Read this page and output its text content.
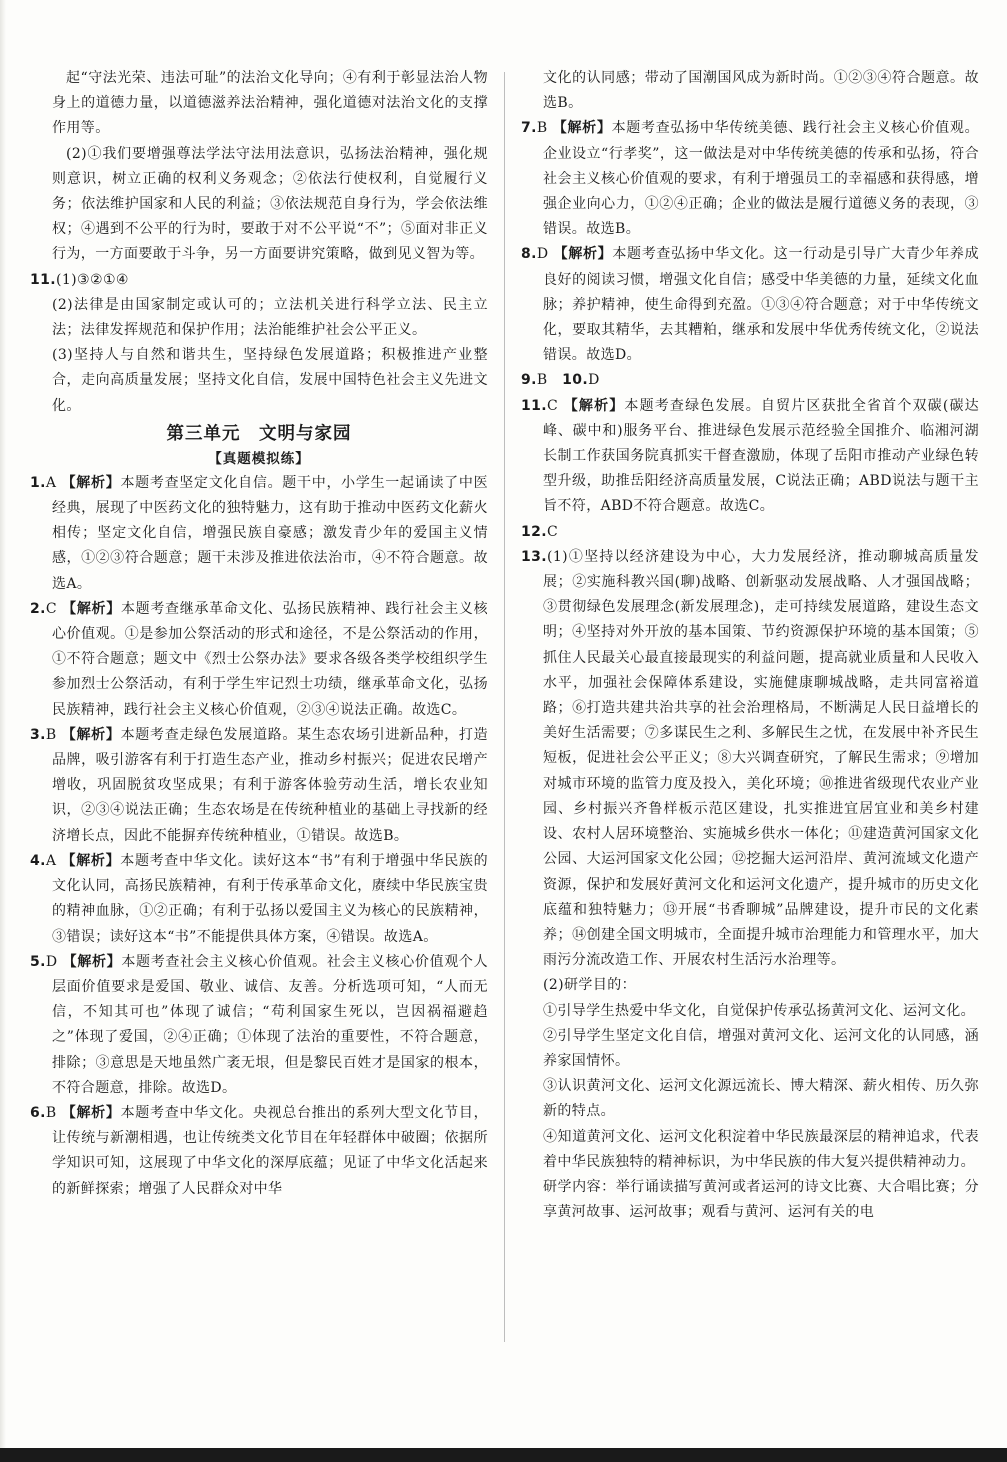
起“守法光荣、违法可耻”的法治文化导向；④有利于彰显法治人物身上的道德力量，以道德滋养法治精神，强化道德对法治文化的支撑作用等。

(2)①我们要增强尊法学法守法用法意识，弘扬法治精神，强化规则意识，树立正确的权利义务观念；②依法行使权利，自觉履行义务；依法维护国家和人民的利益；③依法规范自身行为，学会依法维权；④遇到不公平的行为时，要敢于对不公平说“不”；⑤面对非正义行为，一方面要敢于斗争，另一方面要讲究策略，做到见义智为等。

11.(1)③②①④

(2)法律是由国家制定或认可的；立法机关进行科学立法、民主立法；法律发挥规范和保护作用；法治能维护社会公平正义。

(3)坚持人与自然和谐共生，坚持绿色发展道路；积极推进产业整合，走向高质量发展；坚持文化自信，发展中国特色社会主义先进文化。

第三单元　文明与家园
【真题模拟练】

1.A 【解析】本题考查坚定文化自信。题干中，小学生一起诵读了中医经典，展现了中医药文化的独特魅力，这有助于推动中医药文化薪火相传；坚定文化自信，增强民族自豪感；激发青少年的爱国主义情感，①②③符合题意；题干未涉及推进依法治市，④不符合题意。故选A。

2.C 【解析】本题考查继承革命文化、弘扬民族精神、践行社会主义核心价值观。①是参加公祭活动的形式和途径，不是公祭活动的作用，①不符合题意；题文中《烈士公祭办法》要求各级各类学校组织学生参加烈士公祭活动，有利于学生牢记烈士功绩，继承革命文化，弘扬民族精神，践行社会主义核心价值观，②③④说法正确。故选C。

3.B 【解析】本题考查走绿色发展道路。某生态农场引进新品种，打造品牌，吸引游客有利于打造生态产业，推动乡村振兴；促进农民增产增收，巩固脱贫攻坚成果；有利于游客体验劳动生活，增长农业知识，②③④说法正确；生态农场是在传统种植业的基础上寻找新的经济增长点，因此不能摒弃传统种植业，①错误。故选B。

4.A 【解析】本题考查中华文化。读好这本“书”有利于增强中华民族的文化认同，高扬民族精神，有利于传承革命文化，赓续中华民族宝贵的精神血脉，①②正确；有利于弘扬以爱国主义为核心的民族精神，③错误；读好这本“书”不能提供具体方案，④错误。故选A。

5.D 【解析】本题考查社会主义核心价值观。社会主义核心价值观个人层面价值要求是爱国、敬业、诚信、友善。分析选项可知，“人而无信，不知其可也”体现了诚信；“苟利国家生死以，岂因祸福避趋之”体现了爱国，②④正确；①体现了法治的重要性，不符合题意，排除；③意思是天地虽然广袤无垠，但是黎民百姓才是国家的根本，不符合题意，排除。故选D。

6.B 【解析】本题考查中华文化。央视总台推出的系列大型文化节目，让传统与新潮相遇，也让传统类文化节目在年轻群体中破圈；依据所学知识可知，这展现了中华文化的深厚底蕴；见证了中华文化活起来的新鲜探索；增强了人民群众对中华

文化的认同感；带动了国潮国风成为新时尚。①②③④符合题意。故选B。

7.B 【解析】本题考查弘扬中华传统美德、践行社会主义核心价值观。企业设立“行孝奖”，这一做法是对中华传统美德的传承和弘扬，符合社会主义核心价值观的要求，有利于增强员工的幸福感和获得感，增强企业向心力，①②④正确；企业的做法是履行道德义务的表现，③错误。故选B。

8.D 【解析】本题考查弘扬中华文化。这一行动是引导广大青少年养成良好的阅读习惯，增强文化自信；感受中华美德的力量，延续文化血脉；养护精神，使生命得到充盈。①③④符合题意；对于中华传统文化，要取其精华，去其糟粕，继承和发展中华优秀传统文化，②说法错误。故选D。

9.B 10.D

11.C 【解析】本题考查绿色发展。自贸片区获批全省首个双碳(碳达峰、碳中和)服务平台、推进绿色发展示范经验全国推介、临湘河湖长制工作获国务院真抓实干督查激励，体现了岳阳市推动产业绿色转型升级，助推岳阳经济高质量发展，C说法正确；ABD说法与题干主旨不符，ABD不符合题意。故选C。

12.C

13.(1)①坚持以经济建设为中心，大力发展经济，推动聊城高质量发展；②实施科教兴国(聊)战略、创新驱动发展战略、人才强国战略；③贯彻绿色发展理念(新发展理念)，走可持续发展道路，建设生态文明；④坚持对外开放的基本国策、节约资源保护环境的基本国策；⑤抓住人民最关心最直接最现实的利益问题，提高就业质量和人民收入水平，加强社会保障体系建设，实施健康聊城战略，走共同富裕道路；⑥打造共建共治共享的社会治理格局，不断满足人民日益增长的美好生活需要；⑦多谋民生之利、多解民生之忧，在发展中补齐民生短板，促进社会公平正义；⑧大兴调查研究，了解民生需求；⑨增加对城市环境的监管力度及投入，美化环境；⑩推进省级现代农业产业园、乡村振兴齐鲁样板示范区建设，扎实推进宜居宜业和美乡村建设、农村人居环境整治、实施城乡供水一体化；⑪建造黄河国家文化公园、大运河国家文化公园；⑫挖掘大运河沿岸、黄河流域文化遗产资源，保护和发展好黄河文化和运河文化遗产，提升城市的历史文化底蕴和独特魅力；⑬开展“书香聊城”品牌建设，提升市民的文化素养；⑭创建全国文明城市，全面提升城市治理能力和管理水平，加大雨污分流改造工作、开展农村生活污水治理等。

(2)研学目的：

①引导学生热爱中华文化，自觉保护传承弘扬黄河文化、运河文化。

②引导学生坚定文化自信，增强对黄河文化、运河文化的认同感，涵养家国情怀。

③认识黄河文化、运河文化源远流长、博大精深、薪火相传、历久弥新的特点。

④知道黄河文化、运河文化积淀着中华民族最深层的精神追求，代表着中华民族独特的精神标识，为中华民族的伟大复兴提供精神动力。

研学内容：举行诵读描写黄河或者运河的诗文比赛、大合唱比赛；分享黄河故事、运河故事；观看与黄河、运河有关的电
